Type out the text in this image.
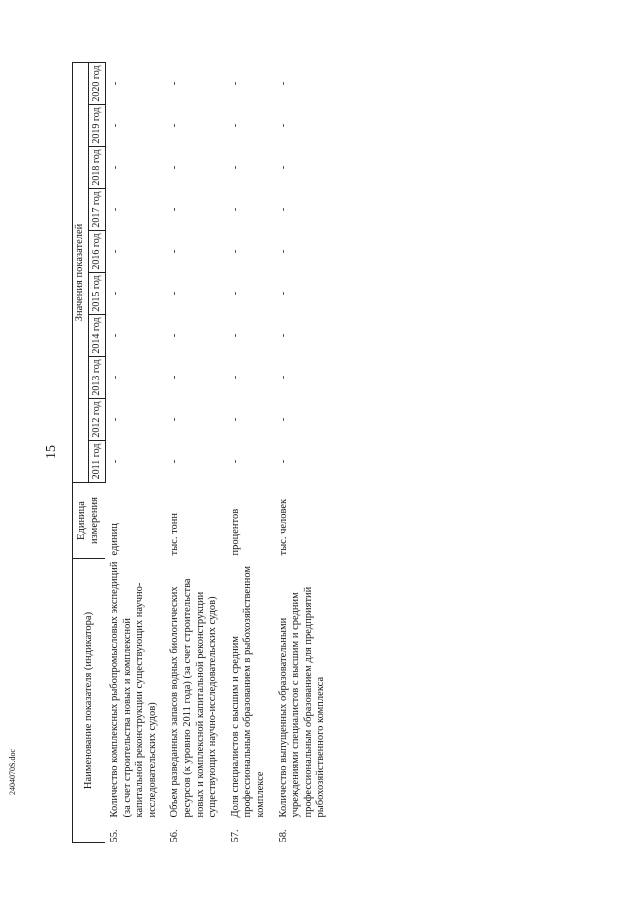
15
2404070S.doc	Наименование показателя (индикатора)		Единица измерения	Значения показателей									
			2011 год	2012 год	2013 год	2014 год	2015 год	2016 год	2017 год	2018 год	2019 год	2020 год
55.	Количество комплексных рыбопромысловых экспедиций (за счет строительства новых и комплексной капитальной реконструкции существующих научно-исследовательских судов)	единиц	-	-	-	-	-	-	-	-	-	-
56.	Объем разведанных запасов водных биологических ресурсов (к уровню 2011 года) (за счет строительства новых и комплексной капитальной реконструкции существующих научно-исследовательских судов)	тыс. тонн	-	-	-	-	-	-	-	-	-	-
57.	Доля специалистов с высшим и средним профессиональным образованием в рыбохозяйственном комплексе	процентов	-	-	-	-	-	-	-	-	-	-
58.	Количество выпущенных образовательными учреждениями специалистов с высшим и средним профессиональным образованием для предприятий рыбохозяйственного комплекса	тыс. человек	-	-	-	-	-	-	-	-	-	-
